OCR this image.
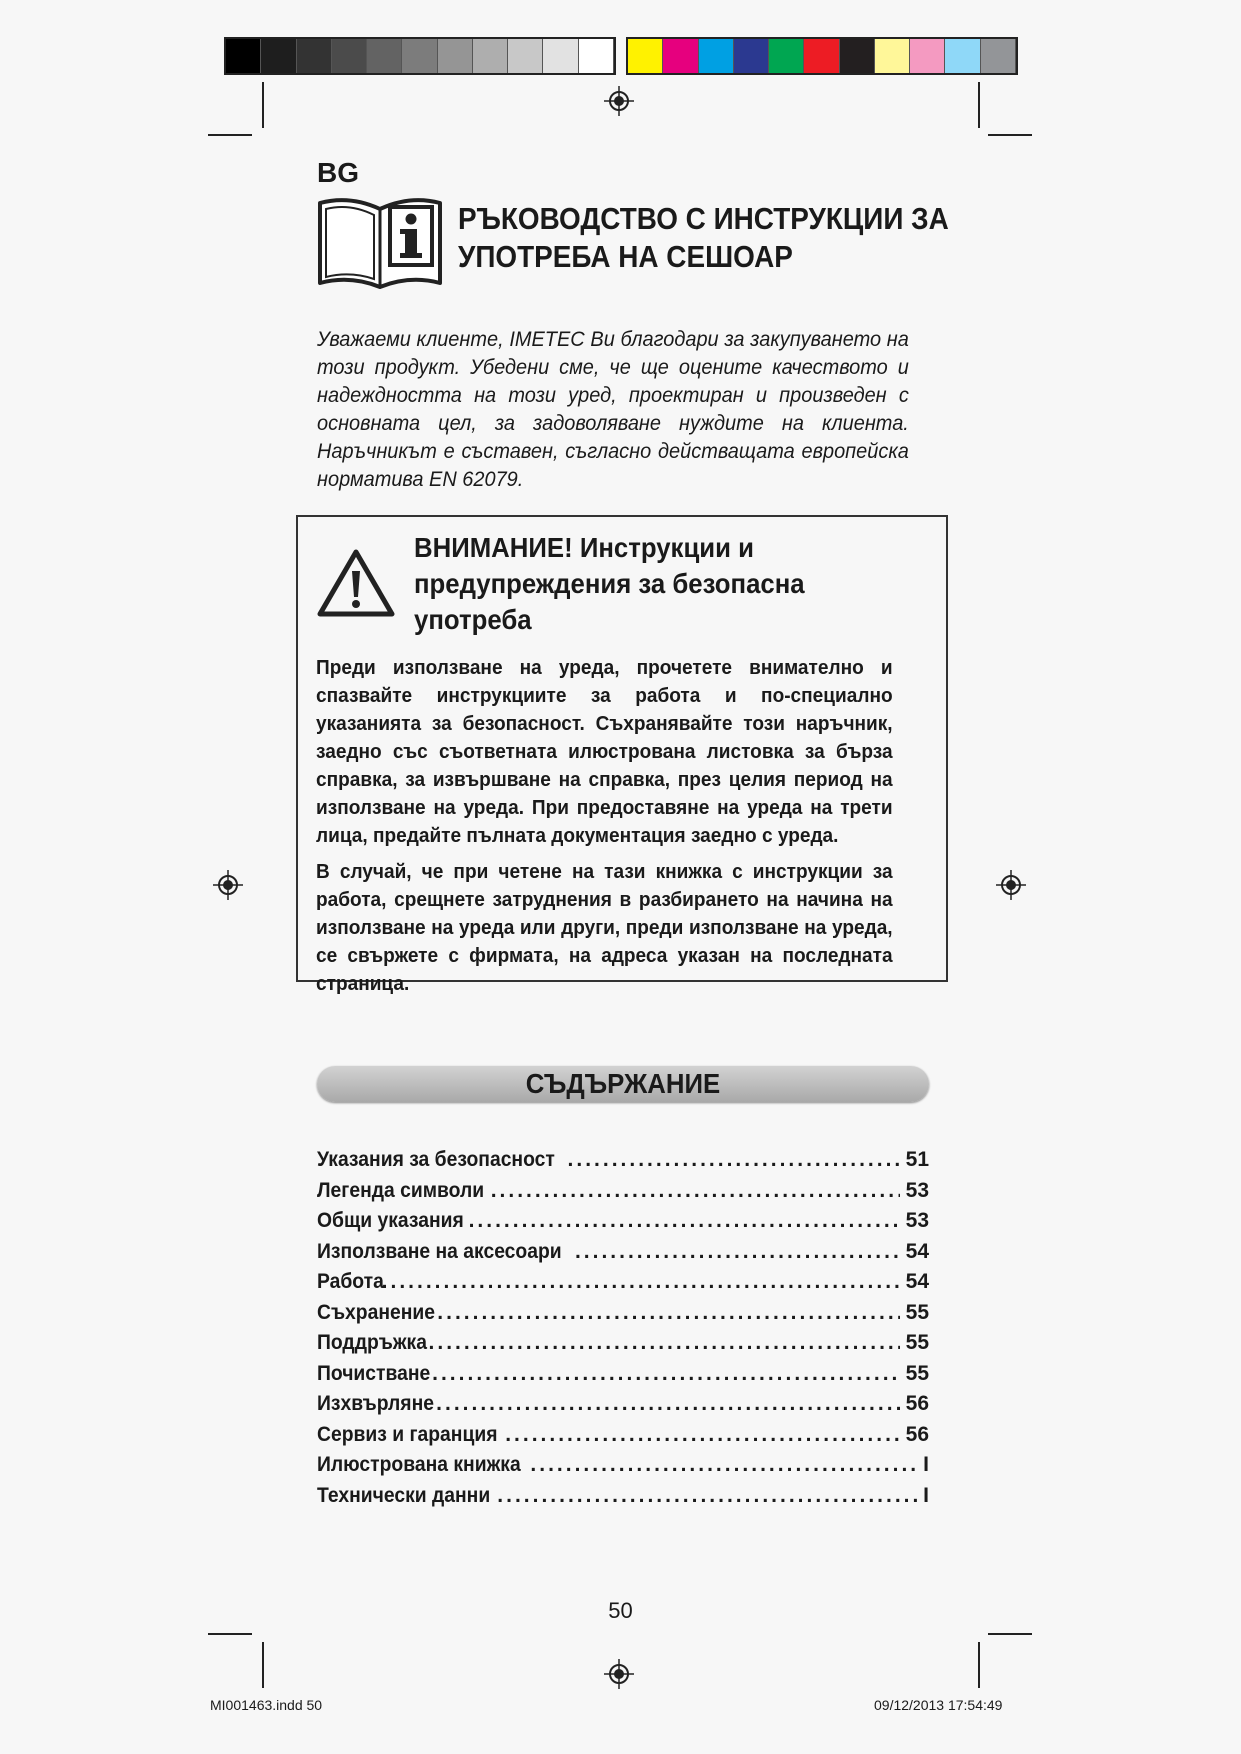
BG
РЪКОВОДСТВО С ИНСТРУКЦИИ ЗА
УПОТРЕБА НА СЕШОАР
Уважаеми клиенте, IMETEC Ви благодари за закупуването на този продукт. Убедени сме, че ще оцените качеството и надеждността на този уред, проектиран и произведен с основната цел, за задоволяване нуждите на клиента. Наръчникът е съставен, съгласно действащата европейска норматива EN 62079.
ВНИМАНИЕ! Инструкции и
предупреждения за безопасна
употреба
Преди използване на уреда, прочетете внимателно и спазвайте инструкциите за работа и по-специално указанията за безопасност. Съхранявайте този наръчник, заедно със съответната илюстрована листовка за бърза справка, за извършване на справка, през целия период на използване на уреда. При предоставяне на уреда на трети лица, предайте пълната документация заедно с уреда.
В случай, че при четене на тази книжка с инструкции за работа, срещнете затруднения в разбирането на начина на използване на уреда или други, преди използване на уреда, се свържете с фирмата, на адреса указан на последната страница.
СЪДЪРЖАНИЕ
Указания за безопасност .....	51
Легенда символи .....	53
Общи указания .....	53
Използване на аксесоари .....	54
Работа .....	54
Съхранение .....	55
Поддръжка .....	55
Почистване .....	55
Изхвърляне .....	56
Сервиз и гаранция .....	56
Илюстрована книжка .....	I
Технически данни .....	I
50
MI001463.indd 50	09/12/2013 17:54:49
